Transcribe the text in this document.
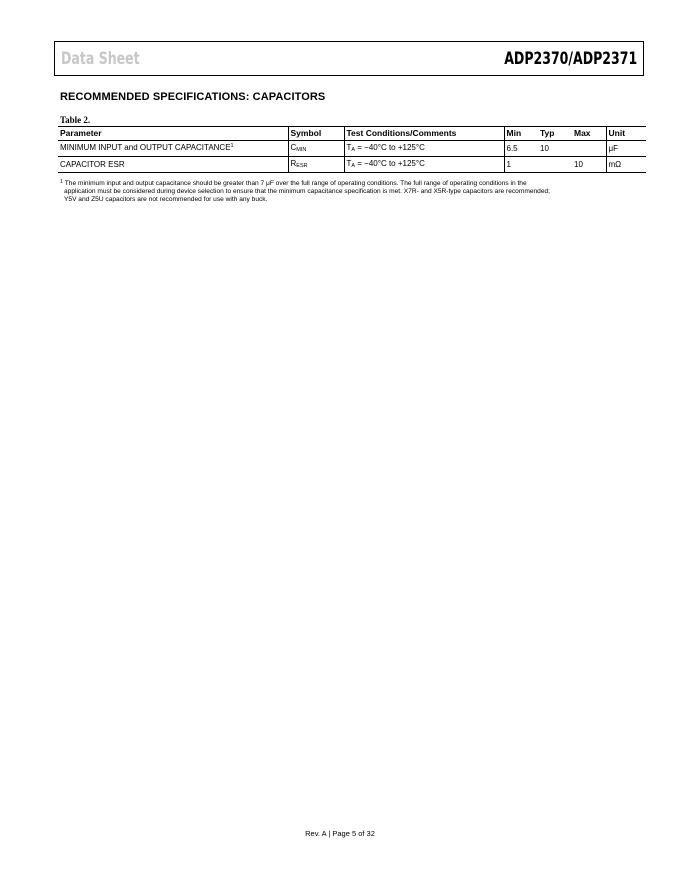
Data Sheet	ADP2370/ADP2371
RECOMMENDED SPECIFICATIONS: CAPACITORS
Table 2.
Parameter	Symbol	Test Conditions/Comments	Min	Typ	Max	Unit
MINIMUM INPUT and OUTPUT CAPACITANCE$^1$	$C_{MIN}$	$T_A = -40^\circ C$ to +125°C	6.5	10		μF
CAPACITOR ESR	$R_{ESR}$	$T_A = -40^\circ C$ to +125°C	1		10	mΩ
$^1$ The minimum input and output capacitance should be greater than 7 μF over the full range of operating conditions. The full range of operating conditions in the
application must be considered during device selection to ensure that the minimum capacitance specification is met. X7R- and X5R-type capacitors are recommended;
Y5V and Z5U capacitors are not recommended for use with any buck.
Rev. A | Page 5 of 32
